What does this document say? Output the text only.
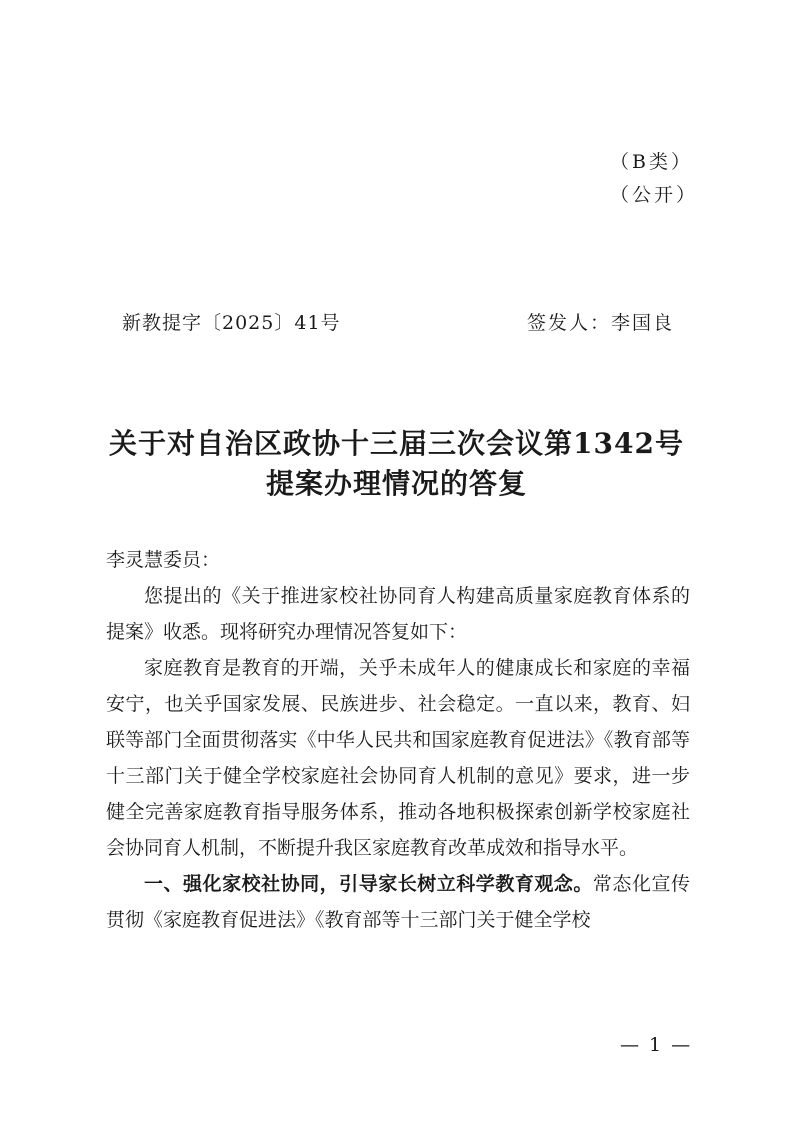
（B类）
（公开）
新教提字〔2025〕41号	签发人：李国良
关于对自治区政协十三届三次会议第1342号
提案办理情况的答复

李灵慧委员：

您提出的《关于推进家校社协同育人构建高质量家庭教育体系的提案》收悉。现将研究办理情况答复如下：

家庭教育是教育的开端，关乎未成年人的健康成长和家庭的幸福安宁，也关乎国家发展、民族进步、社会稳定。一直以来，教育、妇联等部门全面贯彻落实《中华人民共和国家庭教育促进法》《教育部等十三部门关于健全学校家庭社会协同育人机制的意见》要求，进一步健全完善家庭教育指导服务体系，推动各地积极探索创新学校家庭社会协同育人机制，不断提升我区家庭教育改革成效和指导水平。

一、强化家校社协同，引导家长树立科学教育观念。常态化宣传贯彻《家庭教育促进法》《教育部等十三部门关于健全学校

— 1 —
